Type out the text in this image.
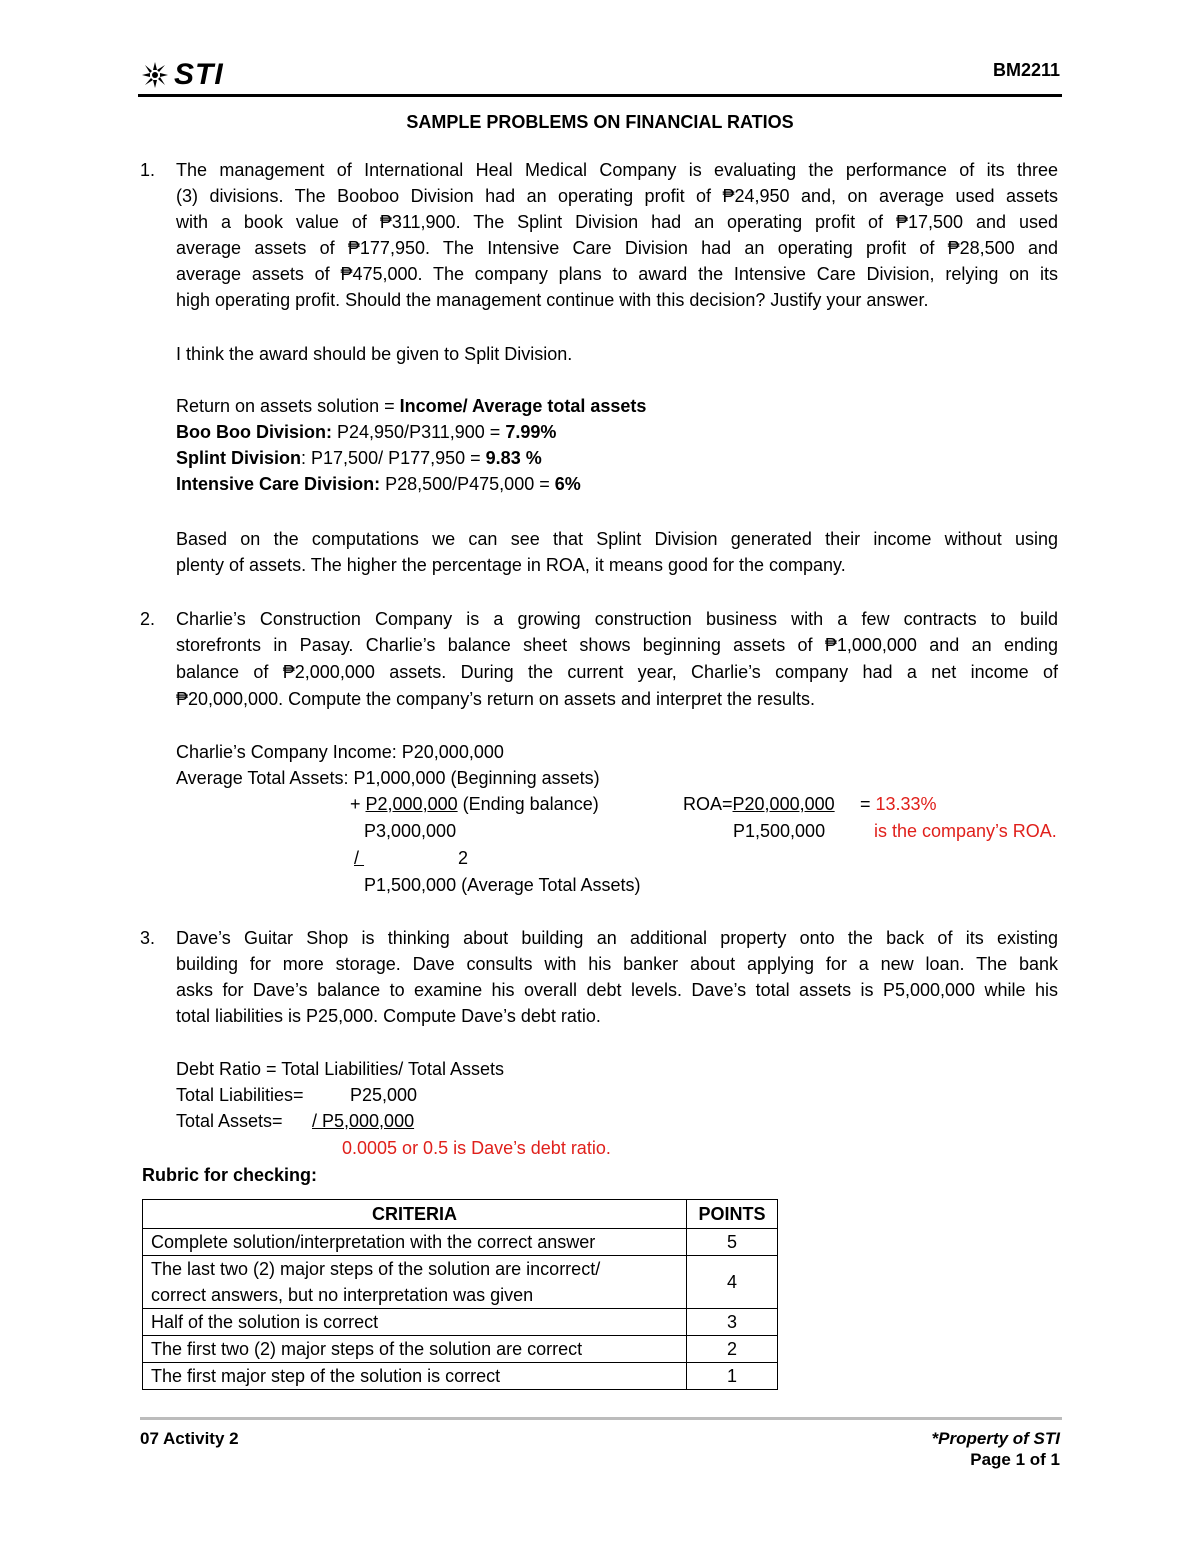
STI	BM2211
SAMPLE PROBLEMS ON FINANCIAL RATIOS
1. The management of International Heal Medical Company is evaluating the performance of its three
(3) divisions. The Booboo Division had an operating profit of ₱24,950 and, on average used assets
with a book value of ₱311,900. The Splint Division had an operating profit of ₱17,500 and used
average assets of ₱177,950. The Intensive Care Division had an operating profit of ₱28,500 and
average assets of ₱475,000. The company plans to award the Intensive Care Division, relying on its
high operating profit. Should the management continue with this decision? Justify your answer.
I think the award should be given to Split Division.
Return on assets solution = Income/ Average total assets
Boo Boo Division: P24,950/P311,900 = 7.99%
Splint Division: P17,500/ P177,950 = 9.83 %
Intensive Care Division: P28,500/P475,000 = 6%
Based on the computations we can see that Splint Division generated their income without using
plenty of assets. The higher the percentage in ROA, it means good for the company.
2. Charlie’s Construction Company is a growing construction business with a few contracts to build
storefronts in Pasay. Charlie’s balance sheet shows beginning assets of ₱1,000,000 and an ending
balance of ₱2,000,000 assets. During the current year, Charlie’s company had a net income of
₱20,000,000. Compute the company’s return on assets and interpret the results.
Charlie’s Company Income: P20,000,000
Average Total Assets: P1,000,000 (Beginning assets)
+ P2,000,000 (Ending balance)
P3,000,000
/	2

P1,500,000 (Average Total Assets)
ROA=P20,000,000 = 13.33%
P1,500,000	is the company’s ROA.
3. Dave’s Guitar Shop is thinking about building an additional property onto the back of its existing
building for more storage. Dave consults with his banker about applying for a new loan. The bank
asks for Dave’s balance to examine his overall debt levels. Dave’s total assets is P5,000,000 while his
total liabilities is P25,000. Compute Dave’s debt ratio.
Debt Ratio = Total Liabilities/ Total Assets
Total Liabilities=	P25,000
Total Assets= / P5,000,000
0.0005 or 0.5 is Dave’s debt ratio.
Rubric for checking:
CRITERIA	POINTS
Complete solution/interpretation with the correct answer	5

The last two (2) major steps of the solution are incorrect/
correct answers, but no interpretation was given	4
Half of the solution is correct	3
The first two (2) major steps of the solution are correct	2
The first major step of the solution is correct	1
07 Activity 2	*Property of STI
Page 1 of 1
